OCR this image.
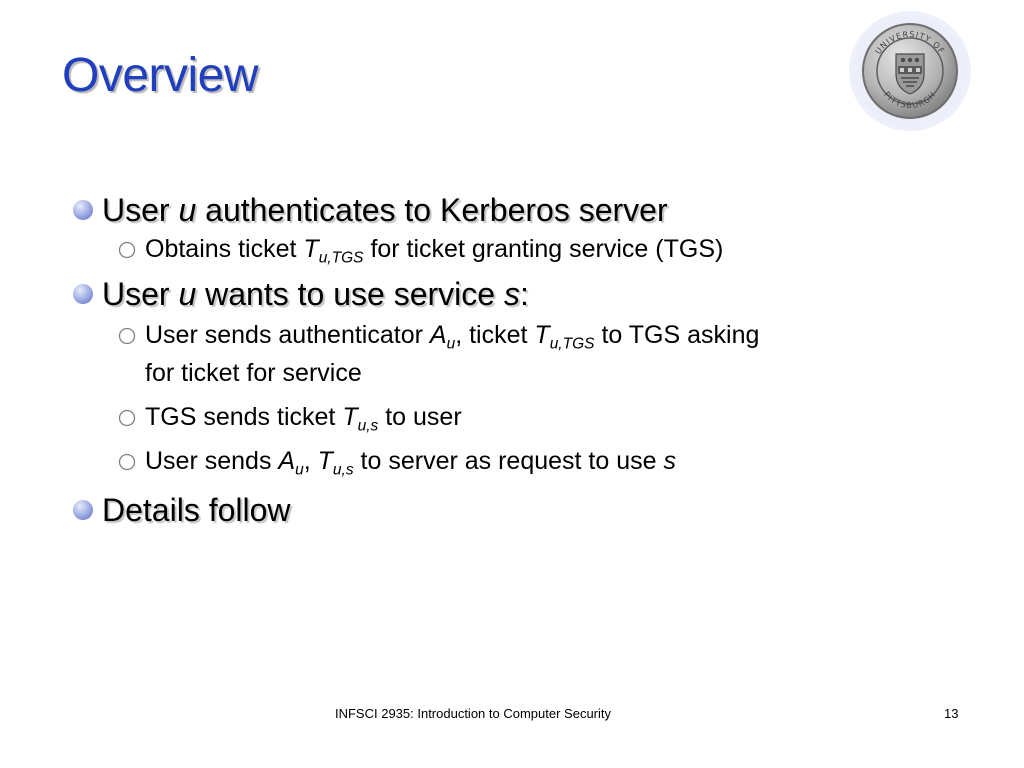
Overview	UNIVERSITY OF
PITTSBURGH
User u authenticates to Kerberos server
Obtains ticket $T_{u,TGS}$ for ticket granting service (TGS)
User u wants to use service s:
User sends authenticator $A_u$, ticket $T_{u,TGS}$ to TGS asking
for ticket for service
TGS sends ticket $T_{u,s}$ to user
User sends $A_u$, $T_{u,s}$ to server as request to use s
Details follow
INFSCI 2935: Introduction to Computer Security	13
